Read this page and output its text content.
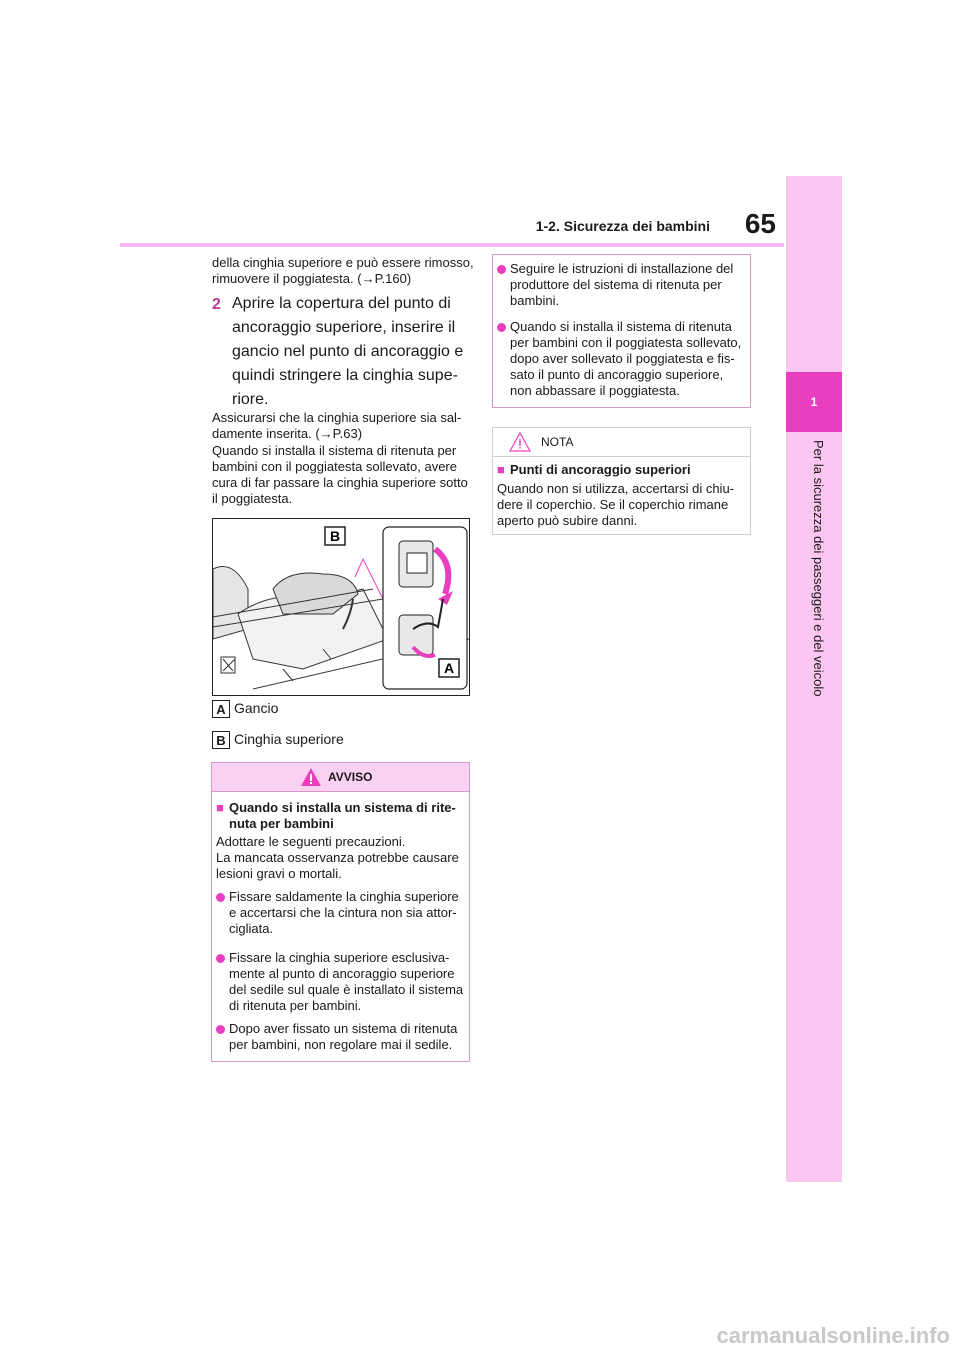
65
1-2. Sicurezza dei bambini
1
Per la sicurezza dei passeggeri e del veicolo
della cinghia superiore e può essere rimosso, rimuovere il poggiatesta. (→P.160)
2 Aprire la copertura del punto di ancoraggio superiore, inserire il gancio nel punto di ancoraggio e quindi stringere la cinghia supe-riore.
Assicurarsi che la cinghia superiore sia sal-damente inserita. (→P.63)
Quando si installa il sistema di ritenuta per bambini con il poggiatesta sollevato, avere cura di far passare la cinghia superiore sotto il poggiatesta.
B
A
A Gancio
B Cinghia superiore
AVVISO
■ Quando si installa un sistema di rite-nuta per bambini
Adottare le seguenti precauzioni.
La mancata osservanza potrebbe causare lesioni gravi o mortali.
Fissare saldamente la cinghia superiore e accertarsi che la cintura non sia attor-cigliata.
Fissare la cinghia superiore esclusiva-mente al punto di ancoraggio superiore del sedile sul quale è installato il sistema di ritenuta per bambini.
Dopo aver fissato un sistema di ritenuta per bambini, non regolare mai il sedile.
Seguire le istruzioni di installazione del produttore del sistema di ritenuta per bambini.
Quando si installa il sistema di ritenuta per bambini con il poggiatesta sollevato, dopo aver sollevato il poggiatesta e fis-sato il punto di ancoraggio superiore, non abbassare il poggiatesta.
NOTA
■ Punti di ancoraggio superiori
Quando non si utilizza, accertarsi di chiu-dere il coperchio. Se il coperchio rimane aperto può subire danni.
carmanualsonline.info
